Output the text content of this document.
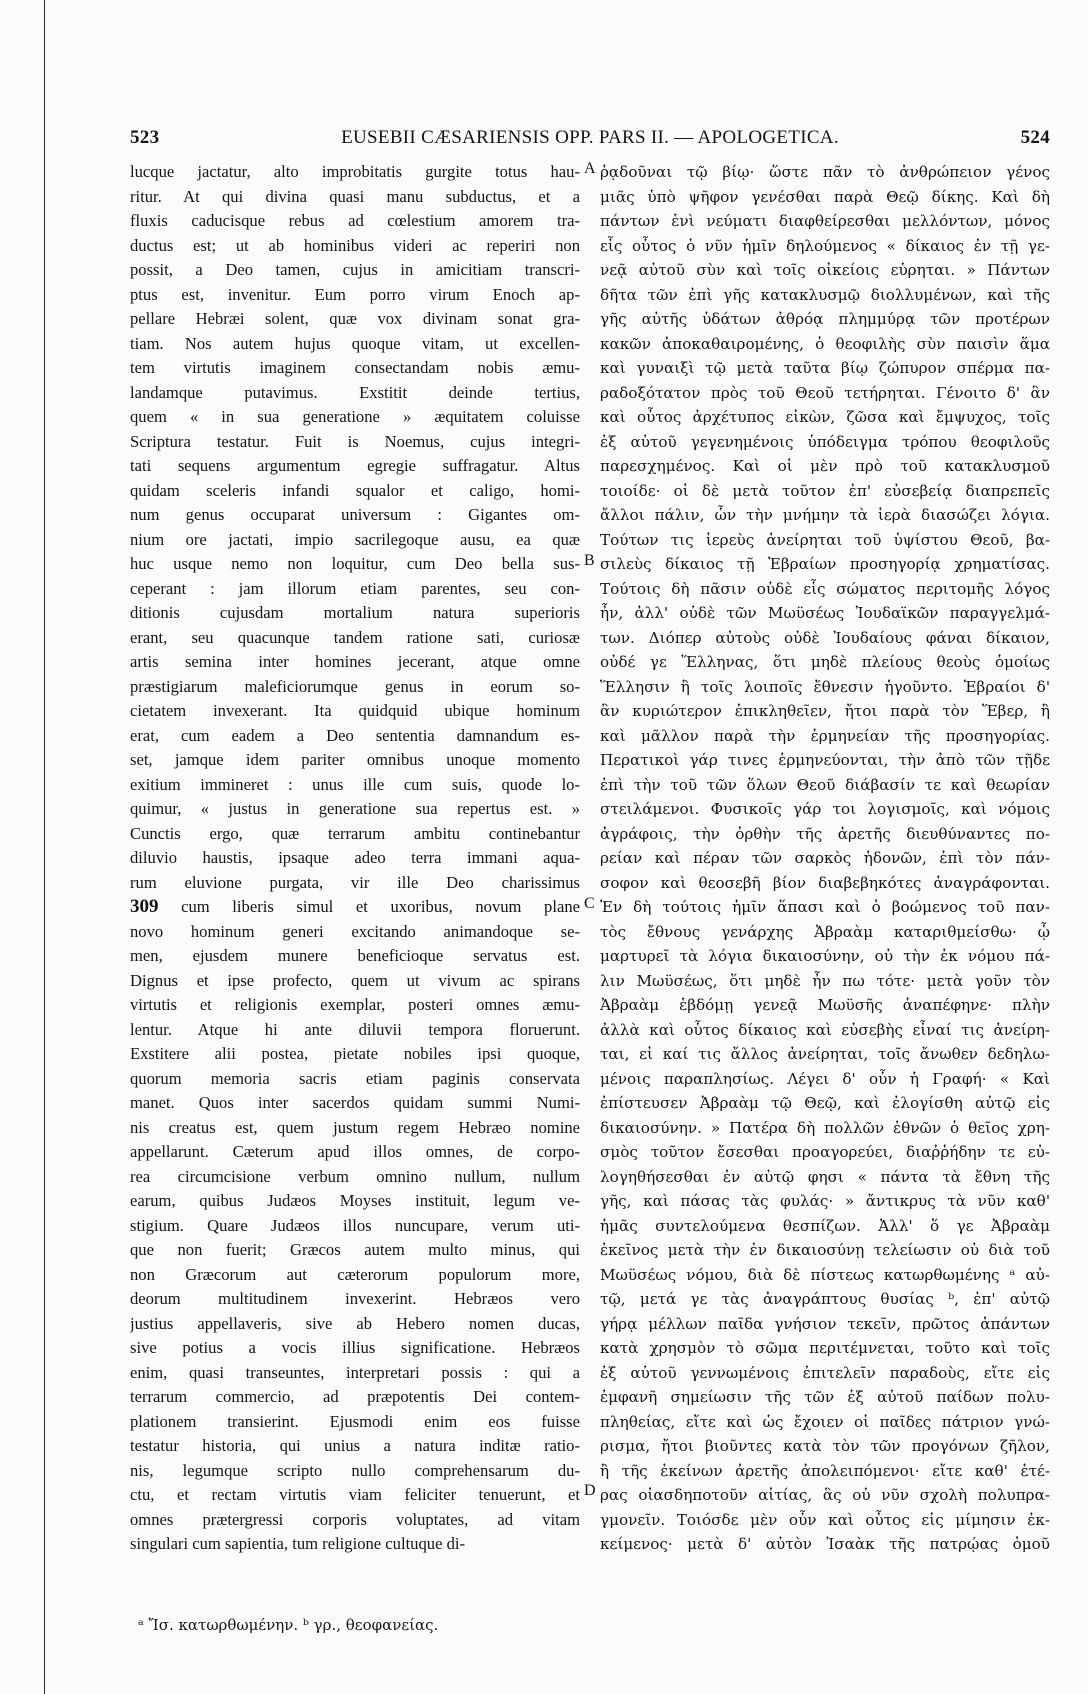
523	EUSEBII CÆSARIENSIS OPP. PARS II. — APOLOGETICA.	524
lucque jactatur, alto improbitatis gurgite totus hau-
ritur. At qui divina quasi manu subductus, et a
fluxis caducisque rebus ad cœlestium amorem tra-
ductus est; ut ab hominibus videri ac reperiri non
possit, a Deo tamen, cujus in amicitiam transcri-
ptus est, invenitur. Eum porro virum Enoch ap-
pellare Hebræi solent, quæ vox divinam sonat gra-
tiam. Nos autem hujus quoque vitam, ut excellen-
tem virtutis imaginem consectandam nobis æmu-
landamque putavimus. Exstitit deinde tertius,
quem « in sua generatione » æquitatem coluisse
Scriptura testatur. Fuit is Noemus, cujus integri-
tati sequens argumentum egregie suffragatur. Altus
quidam sceleris infandi squalor et caligo, homi-
num genus occuparat universum : Gigantes om-
nium ore jactati, impio sacrilegoque ausu, ea quæ
huc usque nemo non loquitur, cum Deo bella sus-
ceperant : jam illorum etiam parentes, seu con-
ditionis cujusdam mortalium natura superioris
erant, seu quacunque tandem ratione sati, curiosæ
artis semina inter homines jecerant, atque omne
præstigiarum maleficiorumque genus in eorum so-
cietatem invexerant. Ita quidquid ubique hominum
erat, cum eadem a Deo sententia damnandum es-
set, jamque idem pariter omnibus unoque momento
exitium immineret : unus ille cum suis, quode lo-
quimur, « justus in generatione sua repertus est. »
Cunctis ergo, quæ terrarum ambitu continebantur
diluvio haustis, ipsaque adeo terra immani aqua-
rum eluvione purgata, vir ille Deo charissimus
309 cum liberis simul et uxoribus, novum plane
novo hominum generi excitando animandoque se-
men, ejusdem munere beneficioque servatus est.
Dignus et ipse profecto, quem ut vivum ac spirans
virtutis et religionis exemplar, posteri omnes æmu-
lentur. Atque hi ante diluvii tempora floruerunt.
Exstitere alii postea, pietate nobiles ipsi quoque,
quorum memoria sacris etiam paginis conservata
manet. Quos inter sacerdos quidam summi Numi-
nis creatus est, quem justum regem Hebræo nomine
appellarunt. Cæterum apud illos omnes, de corpo-
rea circumcisione verbum omnino nullum, nullum
earum, quibus Judæos Moyses instituit, legum ve-
stigium. Quare Judæos illos nuncupare, verum uti-
que non fuerit; Græcos autem multo minus, qui
non Græcorum aut cæterorum populorum more,
deorum multitudinem invexerint. Hebræos vero
justius appellaveris, sive ab Hebero nomen ducas,
sive potius a vocis illius significatione. Hebræos
enim, quasi transeuntes, interpretari possis : qui a
terrarum commercio, ad præpotentis Dei contem-
plationem transierint. Ejusmodi enim eos fuisse
testatur historia, qui unius a natura inditæ ratio-
nis, legumque scripto nullo comprehensarum du-
ctu, et rectam virtutis viam feliciter tenuerunt, et
omnes prætergressi corporis voluptates, ad vitam
singulari cum sapientia, tum religione cultuque di-
ῥᾳδοῦναι τῷ βίῳ· ὥστε πᾶν τὸ ἀνθρώπειον γένος
μιᾶς ὑπὸ ψῆφον γενέσθαι παρὰ Θεῷ δίκης. Καὶ δὴ
πάντων ἑνὶ νεύματι διαφθείρεσθαι μελλόντων, μόνος
εἷς οὗτος ὁ νῦν ἡμῖν δηλούμενος « δίκαιος ἐν τῇ γε-
νεᾷ αὐτοῦ σὺν καὶ τοῖς οἰκείοις εὑρηται. » Πάντων
δῆτα τῶν ἐπὶ γῆς κατακλυσμῷ διολλυμένων, καὶ τῆς
γῆς αὐτῆς ὑδάτων ἀθρόᾳ πλημμύρᾳ τῶν προτέρων
κακῶν ἀποκαθαιρομένης, ὁ θεοφιλὴς σὺν παισὶν ἅμα
καὶ γυναιξὶ τῷ μετὰ ταῦτα βίῳ ζώπυρον σπέρμα πα-
ραδοξότατον πρὸς τοῦ Θεοῦ τετήρηται. Γένοιτο δ' ἂν
καὶ οὗτος ἀρχέτυπος εἰκὼν, ζῶσα καὶ ἔμψυχος, τοῖς
ἐξ αὐτοῦ γεγενημένοις ὑπόδειγμα τρόπου θεοφιλοῦς
παρεσχημένος. Καὶ οἱ μὲν πρὸ τοῦ κατακλυσμοῦ
τοιοίδε· οἱ δὲ μετὰ τοῦτον ἐπ' εὐσεβείᾳ διαπρεπεῖς
ἄλλοι πάλιν, ὧν τὴν μνήμην τὰ ἱερὰ διασώζει λόγια.
Τούτων τις ἱερεὺς ἀνείρηται τοῦ ὑψίστου Θεοῦ, βα-
σιλεὺς δίκαιος τῇ Ἑβραίων προσηγορίᾳ χρηματίσας.
Τούτοις δὴ πᾶσιν οὐδὲ εἷς σώματος περιτομῆς λόγος
ἦν, ἀλλ' οὐδὲ τῶν Μωϋσέως Ἰουδαϊκῶν παραγγελμά-
των. Διόπερ αὐτοὺς οὐδὲ Ἰουδαίους φάναι δίκαιον,
οὐδέ γε Ἕλληνας, ὅτι μηδὲ πλείους θεοὺς ὁμοίως
Ἕλλησιν ἢ τοῖς λοιποῖς ἔθνεσιν ἡγοῦντο. Ἑβραίοι δ'
ἂν κυριώτερον ἐπικληθεῖεν, ἤτοι παρὰ τὸν Ἕβερ, ἢ
καὶ μᾶλλον παρὰ τὴν ἑρμηνείαν τῆς προσηγορίας.
Περατικοὶ γάρ τινες ἑρμηνεύονται, τὴν ἀπὸ τῶν τῇδε
ἐπὶ τὴν τοῦ τῶν ὅλων Θεοῦ διάβασίν τε καὶ θεωρίαν
στειλάμενοι. Φυσικοῖς γάρ τοι λογισμοῖς, καὶ νόμοις
ἀγράφοις, τὴν ὀρθὴν τῆς ἀρετῆς διευθύναντες πο-
ρείαν καὶ πέραν τῶν σαρκὸς ἡδονῶν, ἐπὶ τὸν πάν-
σοφον καὶ θεοσεβῆ βίον διαβεβηκότες ἀναγράφονται.
Ἐν δὴ τούτοις ἡμῖν ἅπασι καὶ ὁ βοώμενος τοῦ παν-
τὸς ἔθνους γενάρχης Ἀβραὰμ καταριθμείσθω· ᾧ
μαρτυρεῖ τὰ λόγια δικαιοσύνην, οὐ τὴν ἐκ νόμου πά-
λιν Μωϋσέως, ὅτι μηδὲ ἦν πω τότε· μετὰ γοῦν τὸν
Ἀβραὰμ ἑβδόμῃ γενεᾷ Μωϋσῆς ἀναπέφηνε· πλὴν
ἀλλὰ καὶ οὗτος δίκαιος καὶ εὐσεβὴς εἶναί τις ἀνείρη-
ται, εἰ καί τις ἄλλος ἀνείρηται, τοῖς ἄνωθεν δεδηλω-
μένοις παραπλησίως. Λέγει δ' οὖν ἡ Γραφή· « Καὶ
ἐπίστευσεν Ἀβραὰμ τῷ Θεῷ, καὶ ἐλογίσθη αὐτῷ εἰς
δικαιοσύνην. » Πατέρα δὴ πολλῶν ἐθνῶν ὁ θεῖος χρη-
σμὸς τοῦτον ἔσεσθαι προαγορεύει, διαῤῥήδην τε εὐ-
λογηθήσεσθαι ἐν αὐτῷ φησι « πάντα τὰ ἔθνη τῆς
γῆς, καὶ πάσας τὰς φυλάς· » ἄντικρυς τὰ νῦν καθ'
ἡμᾶς συντελούμενα θεσπίζων. Ἀλλ' ὅ γε Ἀβραὰμ
ἐκεῖνος μετὰ τὴν ἐν δικαιοσύνῃ τελείωσιν οὐ διὰ τοῦ
Μωϋσέως νόμου, διὰ δὲ πίστεως κατωρθωμένης ᵃ αὐ-
τῷ, μετά γε τὰς ἀναγράπτους θυσίας ᵇ, ἐπ' αὐτῷ
γήρᾳ μέλλων παῖδα γνήσιον τεκεῖν, πρῶτος ἁπάντων
κατὰ χρησμὸν τὸ σῶμα περιτέμνεται, τοῦτο καὶ τοῖς
ἐξ αὐτοῦ γεννωμένοις ἐπιτελεῖν παραδοὺς, εἴτε εἰς
ἐμφανῆ σημείωσιν τῆς τῶν ἐξ αὐτοῦ παίδων πολυ-
πληθείας, εἴτε καὶ ὡς ἔχοιεν οἱ παῖδες πάτριον γνώ-
ρισμα, ἤτοι βιοῦντες κατὰ τὸν τῶν προγόνων ζῆλον,
ἢ τῆς ἐκείνων ἀρετῆς ἀπολειπόμενοι· εἴτε καθ' ἑτέ-
ρας οἰασδηποτοῦν αἰτίας, ἃς οὐ νῦν σχολὴ πολυπρα-
γμονεῖν. Τοιόσδε μὲν οὖν καὶ οὗτος εἰς μίμησιν ἐκ-
κείμενος· μετὰ δ' αὐτὸν Ἰσαὰκ τῆς πατρῴας ὁμοῦ
A
B
C
D
ᵃ Ἴσ. κατωρθωμένην. ᵇ γρ., θεοφανείας.
